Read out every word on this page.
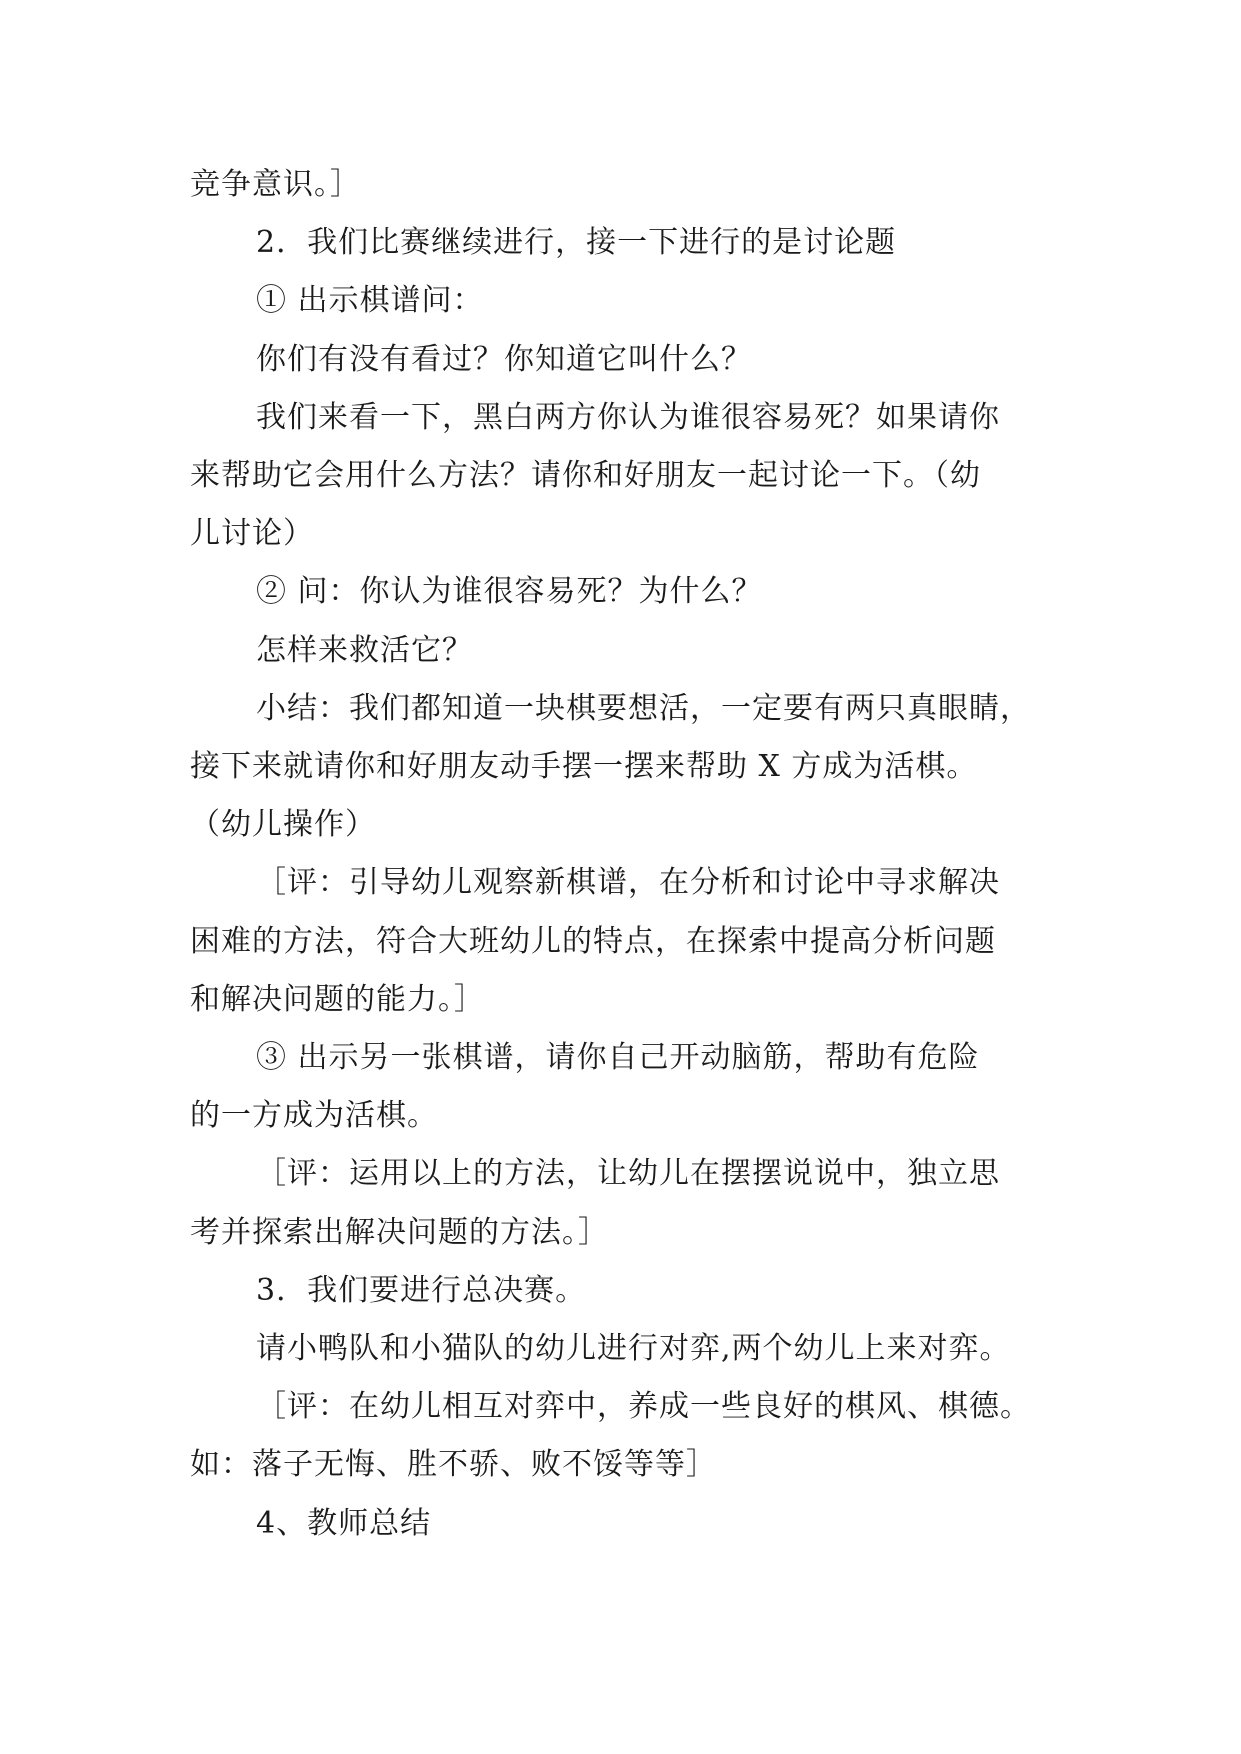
竞争意识。］
2．我们比赛继续进行，接一下进行的是讨论题
① 出示棋谱问：
你们有没有看过？你知道它叫什么？
我们来看一下，黑白两方你认为谁很容易死？如果请你
来帮助它会用什么方法？请你和好朋友一起讨论一下。（幼
儿讨论）
② 问：你认为谁很容易死？为什么？
怎样来救活它？
小结：我们都知道一块棋要想活，一定要有两只真眼睛，
接下来就请你和好朋友动手摆一摆来帮助 X 方成为活棋。
（幼儿操作）
［评：引导幼儿观察新棋谱，在分析和讨论中寻求解决
困难的方法，符合大班幼儿的特点，在探索中提高分析问题
和解决问题的能力。］
③ 出示另一张棋谱，请你自己开动脑筋，帮助有危险
的一方成为活棋。
［评：运用以上的方法，让幼儿在摆摆说说中，独立思
考并探索出解决问题的方法。］
3．我们要进行总决赛。
请小鸭队和小猫队的幼儿进行对弈,两个幼儿上来对弈。
［评：在幼儿相互对弈中，养成一些良好的棋风、棋德。
如：落子无悔、胜不骄、败不馁等等］
4、教师总结
